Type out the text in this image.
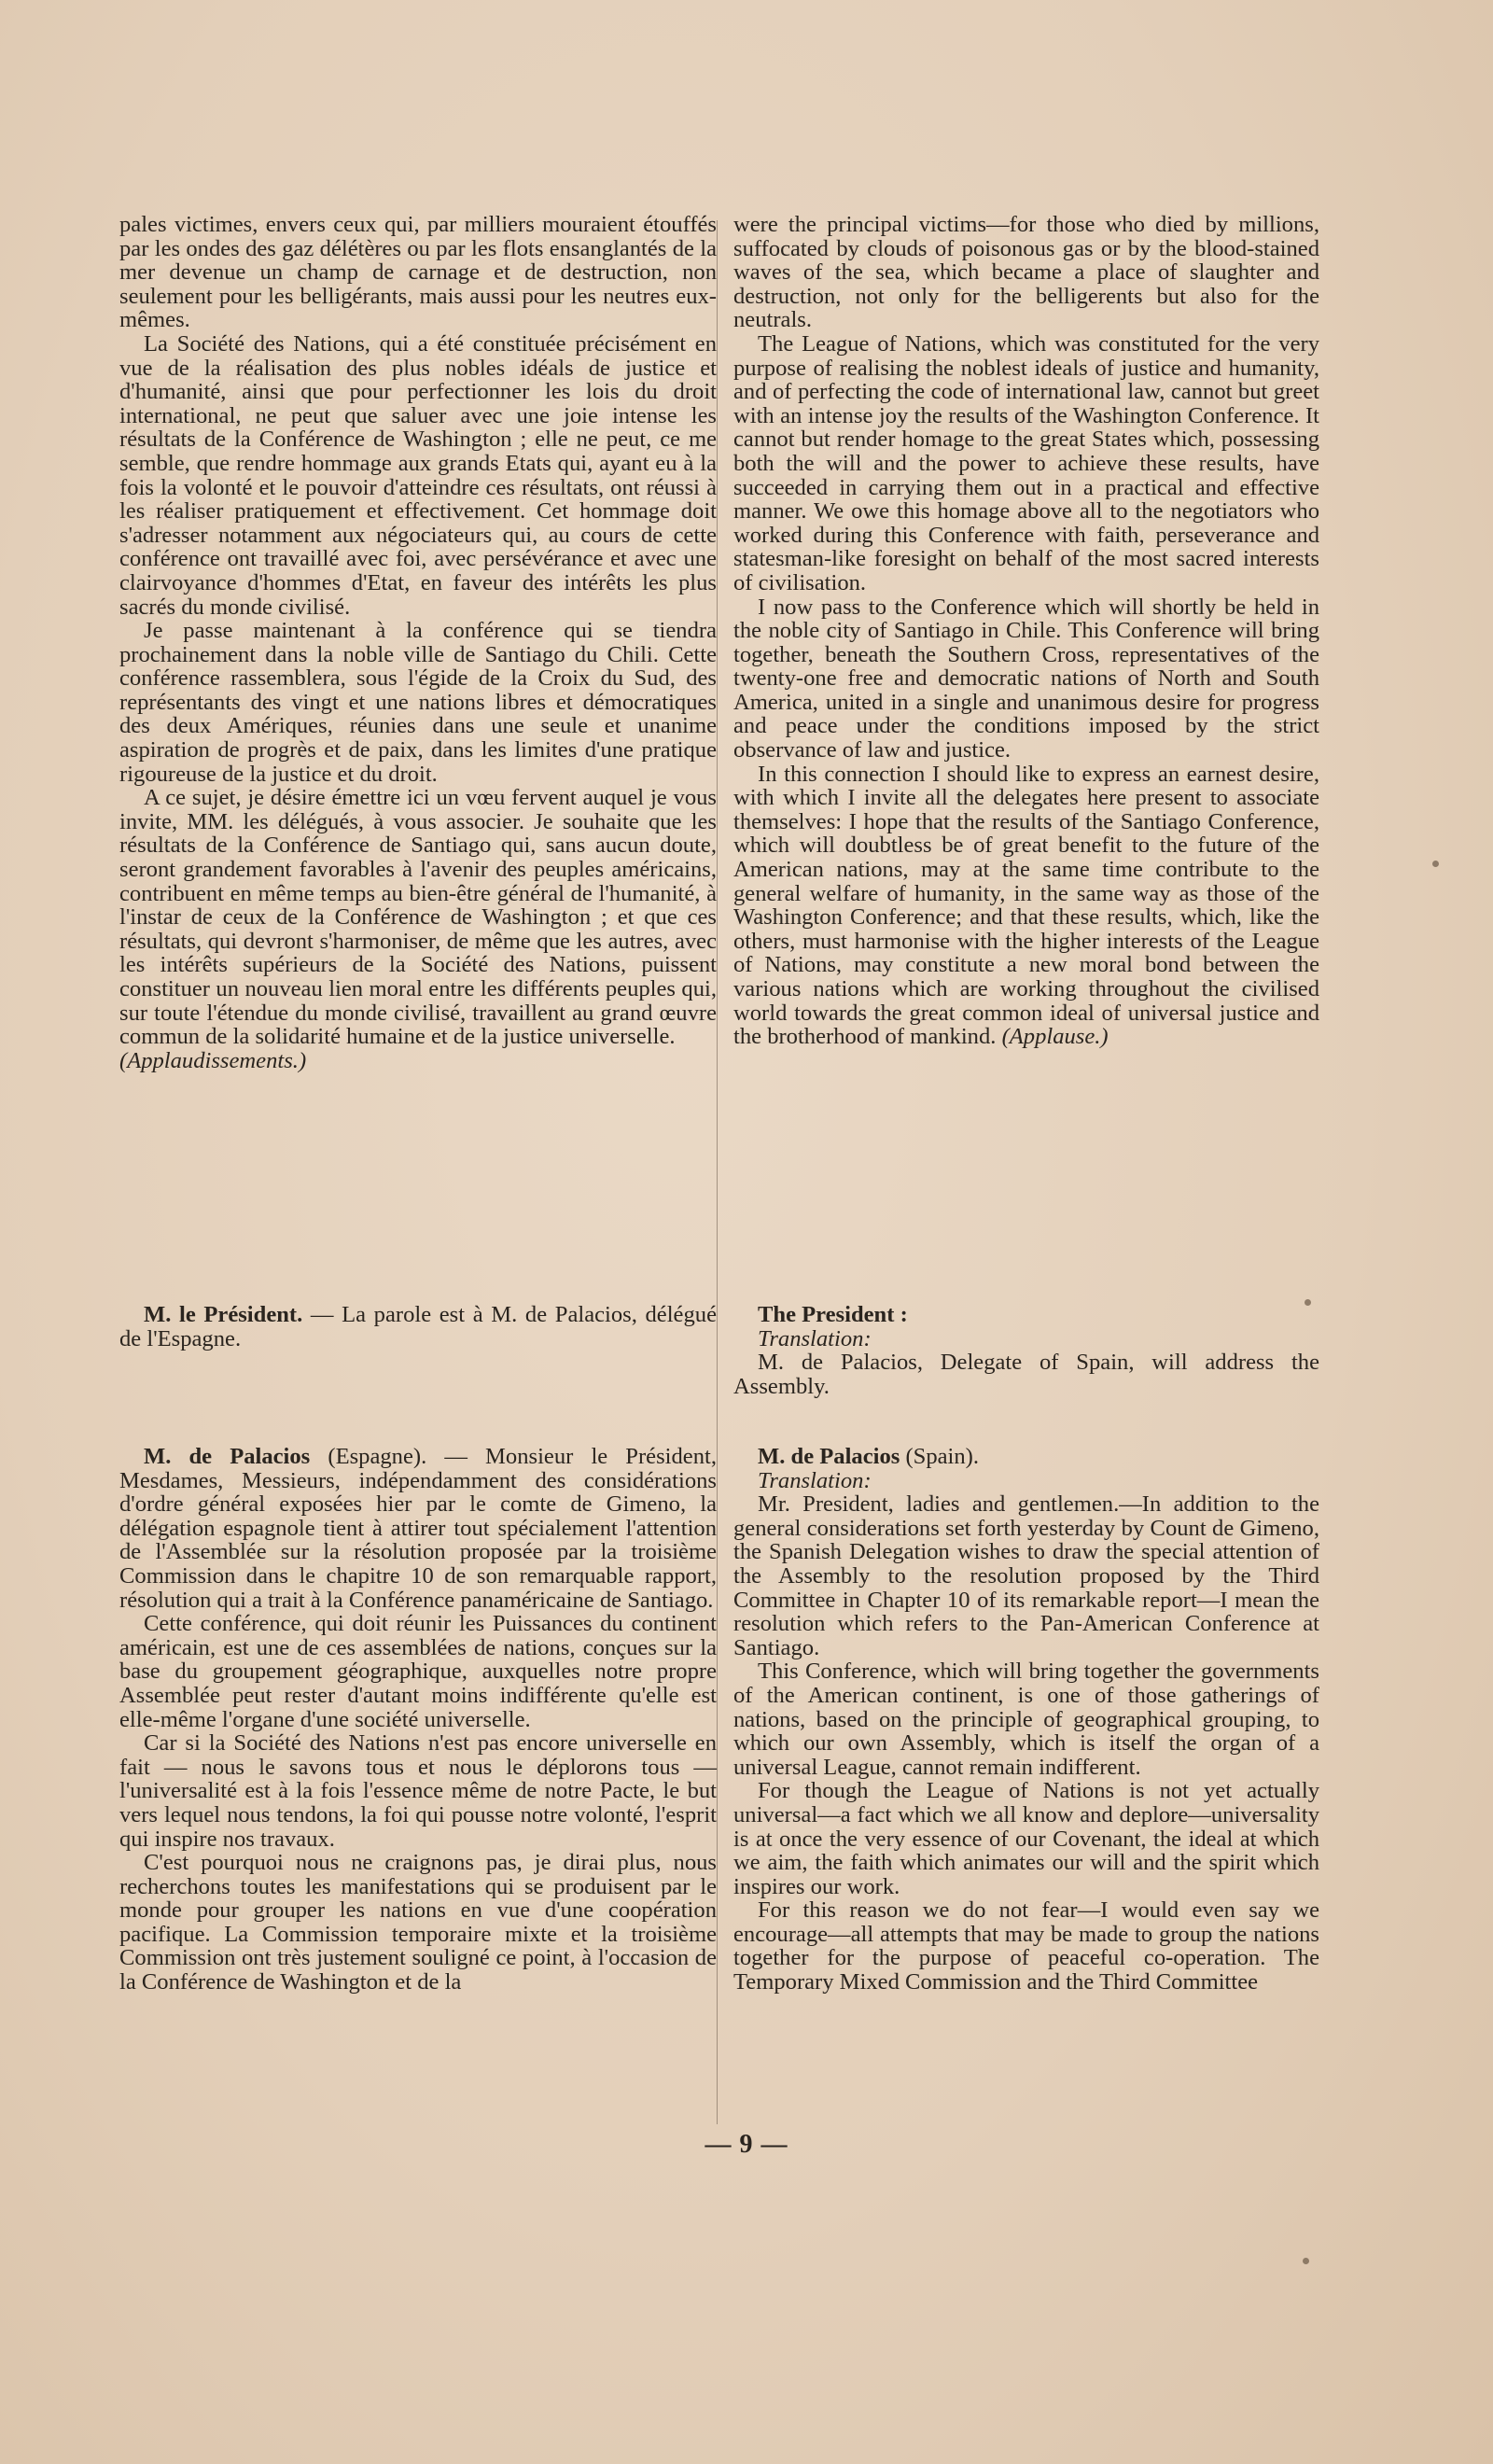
pales victimes, envers ceux qui, par milliers mouraient étouffés par les ondes des gaz délétères ou par les flots ensanglantés de la mer devenue un champ de carnage et de destruction, non seulement pour les belligérants, mais aussi pour les neutres eux-mêmes.

La Société des Nations, qui a été constituée précisément en vue de la réalisation des plus nobles idéals de justice et d'humanité, ainsi que pour perfectionner les lois du droit international, ne peut que saluer avec une joie intense les résultats de la Conférence de Washington ; elle ne peut, ce me semble, que rendre hommage aux grands Etats qui, ayant eu à la fois la volonté et le pouvoir d'atteindre ces résultats, ont réussi à les réaliser pratiquement et effectivement. Cet hommage doit s'adresser notamment aux négociateurs qui, au cours de cette conférence ont travaillé avec foi, avec persévérance et avec une clairvoyance d'hommes d'Etat, en faveur des intérêts les plus sacrés du monde civilisé.

Je passe maintenant à la conférence qui se tiendra prochainement dans la noble ville de Santiago du Chili. Cette conférence rassemblera, sous l'égide de la Croix du Sud, des représentants des vingt et une nations libres et démocratiques des deux Amériques, réunies dans une seule et unanime aspiration de progrès et de paix, dans les limites d'une pratique rigoureuse de la justice et du droit.

A ce sujet, je désire émettre ici un vœu fervent auquel je vous invite, MM. les délégués, à vous associer. Je souhaite que les résultats de la Conférence de Santiago qui, sans aucun doute, seront grandement favorables à l'avenir des peuples américains, contribuent en même temps au bien-être général de l'humanité, à l'instar de ceux de la Conférence de Washington ; et que ces résultats, qui devront s'harmoniser, de même que les autres, avec les intérêts supérieurs de la Société des Nations, puissent constituer un nouveau lien moral entre les différents peuples qui, sur toute l'étendue du monde civilisé, travaillent au grand œuvre commun de la solidarité humaine et de la justice universelle.

(Applaudissements.)

M. le Président. — La parole est à M. de Palacios, délégué de l'Espagne.

M. de Palacios (Espagne). — Monsieur le Président, Mesdames, Messieurs, indépendamment des considérations d'ordre général exposées hier par le comte de Gimeno, la délégation espagnole tient à attirer tout spécialement l'attention de l'Assemblée sur la résolution proposée par la troisième Commission dans le chapitre 10 de son remarquable rapport, résolution qui a trait à la Conférence panaméricaine de Santiago.

Cette conférence, qui doit réunir les Puissances du continent américain, est une de ces assemblées de nations, conçues sur la base du groupement géographique, auxquelles notre propre Assemblée peut rester d'autant moins indifférente qu'elle est elle-même l'organe d'une société universelle.

Car si la Société des Nations n'est pas encore universelle en fait — nous le savons tous et nous le déplorons tous — l'universalité est à la fois l'essence même de notre Pacte, le but vers lequel nous tendons, la foi qui pousse notre volonté, l'esprit qui inspire nos travaux.

C'est pourquoi nous ne craignons pas, je dirai plus, nous recherchons toutes les manifestations qui se produisent par le monde pour grouper les nations en vue d'une coopération pacifique. La Commission temporaire mixte et la troisième Commission ont très justement souligné ce point, à l'occasion de la Conférence de Washington et de la

were the principal victims—for those who died by millions, suffocated by clouds of poisonous gas or by the blood-stained waves of the sea, which became a place of slaughter and destruction, not only for the belligerents but also for the neutrals.

The League of Nations, which was constituted for the very purpose of realising the noblest ideals of justice and humanity, and of perfecting the code of international law, cannot but greet with an intense joy the results of the Washington Conference. It cannot but render homage to the great States which, possessing both the will and the power to achieve these results, have succeeded in carrying them out in a practical and effective manner. We owe this homage above all to the negotiators who worked during this Conference with faith, perseverance and statesman-like foresight on behalf of the most sacred interests of civilisation.

I now pass to the Conference which will shortly be held in the noble city of Santiago in Chile. This Conference will bring together, beneath the Southern Cross, representatives of the twenty-one free and democratic nations of North and South America, united in a single and unanimous desire for progress and peace under the conditions imposed by the strict observance of law and justice.

In this connection I should like to express an earnest desire, with which I invite all the delegates here present to associate themselves: I hope that the results of the Santiago Conference, which will doubtless be of great benefit to the future of the American nations, may at the same time contribute to the general welfare of humanity, in the same way as those of the Washington Conference; and that these results, which, like the others, must harmonise with the higher interests of the League of Nations, may constitute a new moral bond between the various nations which are working throughout the civilised world towards the great common ideal of universal justice and the brotherhood of mankind. (Applause.)

The President :

Translation:

M. de Palacios, Delegate of Spain, will address the Assembly.

M. de Palacios (Spain).

Translation:

Mr. President, ladies and gentlemen.—In addition to the general considerations set forth yesterday by Count de Gimeno, the Spanish Delegation wishes to draw the special attention of the Assembly to the resolution proposed by the Third Committee in Chapter 10 of its remarkable report—I mean the resolution which refers to the Pan-American Conference at Santiago.

This Conference, which will bring together the governments of the American continent, is one of those gatherings of nations, based on the principle of geographical grouping, to which our own Assembly, which is itself the organ of a universal League, cannot remain indifferent.

For though the League of Nations is not yet actually universal—a fact which we all know and deplore—universality is at once the very essence of our Covenant, the ideal at which we aim, the faith which animates our will and the spirit which inspires our work.

For this reason we do not fear—I would even say we encourage—all attempts that may be made to group the nations together for the purpose of peaceful co-operation. The Temporary Mixed Commission and the Third Committee

— 9 —
